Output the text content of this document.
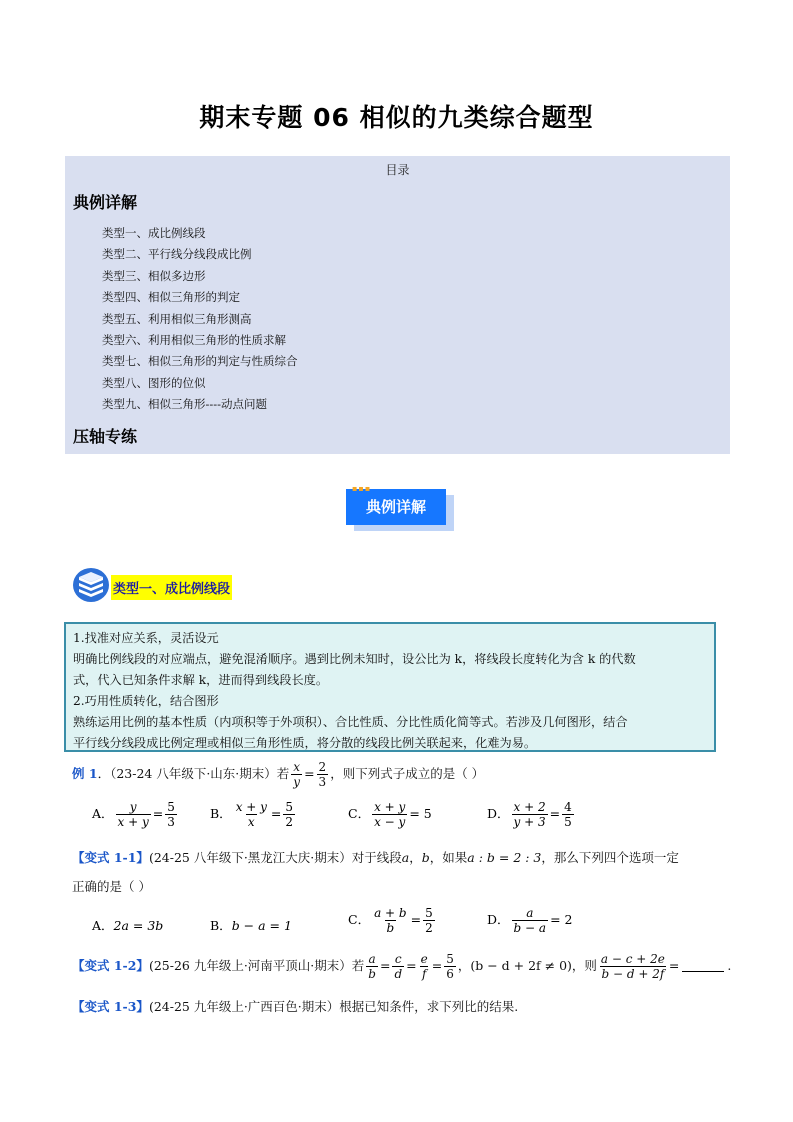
期末专题 06 相似的九类综合题型
目录
典例详解
类型一、成比例线段
类型二、平行线分线段成比例
类型三、相似多边形
类型四、相似三角形的判定
类型五、利用相似三角形测高
类型六、利用相似三角形的性质求解
类型七、相似三角形的判定与性质综合
类型八、图形的位似
类型九、相似三角形----动点问题
压轴专练
典例详解
▪▪▪
类型一、成比例线段
1.找准对应关系，灵活设元
明确比例线段的对应端点，避免混淆顺序。遇到比例未知时，设公比为 k，将线段长度转化为含 k 的代数
式，代入已知条件求解 k，进而得到线段长度。
2.巧用性质转化，结合图形
熟练运用比例的基本性质（内项积等于外项积）、合比性质、分比性质化简等式。若涉及几何图形，结合
平行线分线段成比例定理或相似三角形性质，将分散的线段比例关联起来，化难为易。
例 1．（23-24 八年级下·山东·期末）若 $\frac{x}{y} = \frac{2}{3}$ ，则下列式子成立的是（ ）
A． $\frac{y}{x + y} = \frac{5}{3}$	B． $\frac{x + y}{x} = \frac{5}{2}$	C． $\frac{x + y}{x - y} = 5$	D． $\frac{x + 2}{y + 3} = \frac{4}{5}$
【变式 1-1】(24-25 八年级下·黑龙江大庆·期末）对于线段a，b，如果a : b = 2 : 3，那么下列四个选项一定
正确的是（ ）
A．2a = 3b	B．b − a = 1	C． $\frac{a + b}{b} = \frac{5}{2}$	D． $\frac{a}{b - a} = 2$
【变式 1-2】(25-26 九年级上·河南平顶山·期末）若 $\frac{a}{b} = \frac{c}{d} = \frac{e}{f} = \frac{5}{6}$ ，(b − d + 2f ≠ 0)，则 $\frac{a - c + 2e}{b - d + 2f}$ =	.
【变式 1-3】(24-25 九年级上·广西百色·期末）根据已知条件，求下列比的结果.
